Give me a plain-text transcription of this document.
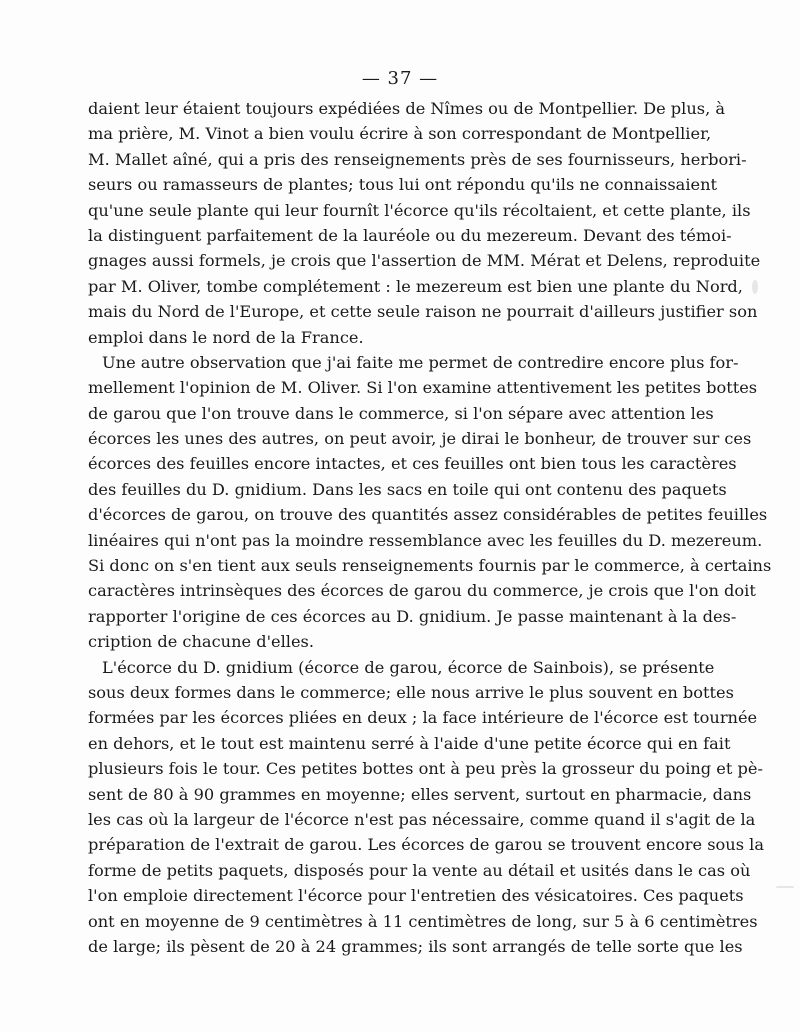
— 37 —
daient leur étaient toujours expédiées de Nîmes ou de Montpellier. De plus, à
ma prière, M. Vinot a bien voulu écrire à son correspondant de Montpellier,
M. Mallet aîné, qui a pris des renseignements près de ses fournisseurs, herbori-
seurs ou ramasseurs de plantes; tous lui ont répondu qu'ils ne connaissaient
qu'une seule plante qui leur fournît l'écorce qu'ils récoltaient, et cette plante, ils
la distinguent parfaitement de la lauréole ou du mezereum. Devant des témoi-
gnages aussi formels, je crois que l'assertion de MM. Mérat et Delens, reproduite
par M. Oliver, tombe complétement : le mezereum est bien une plante du Nord,
mais du Nord de l'Europe, et cette seule raison ne pourrait d'ailleurs justifier son
emploi dans le nord de la France.
Une autre observation que j'ai faite me permet de contredire encore plus for-
mellement l'opinion de M. Oliver. Si l'on examine attentivement les petites bottes
de garou que l'on trouve dans le commerce, si l'on sépare avec attention les
écorces les unes des autres, on peut avoir, je dirai le bonheur, de trouver sur ces
écorces des feuilles encore intactes, et ces feuilles ont bien tous les caractères
des feuilles du D. gnidium. Dans les sacs en toile qui ont contenu des paquets
d'écorces de garou, on trouve des quantités assez considérables de petites feuilles
linéaires qui n'ont pas la moindre ressemblance avec les feuilles du D. mezereum.
Si donc on s'en tient aux seuls renseignements fournis par le commerce, à certains
caractères intrinsèques des écorces de garou du commerce, je crois que l'on doit
rapporter l'origine de ces écorces au D. gnidium. Je passe maintenant à la des-
cription de chacune d'elles.
L'écorce du D. gnidium (écorce de garou, écorce de Sainbois), se présente
sous deux formes dans le commerce; elle nous arrive le plus souvent en bottes
formées par les écorces pliées en deux ; la face intérieure de l'écorce est tournée
en dehors, et le tout est maintenu serré à l'aide d'une petite écorce qui en fait
plusieurs fois le tour. Ces petites bottes ont à peu près la grosseur du poing et pè-
sent de 80 à 90 grammes en moyenne; elles servent, surtout en pharmacie, dans
les cas où la largeur de l'écorce n'est pas nécessaire, comme quand il s'agit de la
préparation de l'extrait de garou. Les écorces de garou se trouvent encore sous la
forme de petits paquets, disposés pour la vente au détail et usités dans le cas où
l'on emploie directement l'écorce pour l'entretien des vésicatoires. Ces paquets
ont en moyenne de 9 centimètres à 11 centimètres de long, sur 5 à 6 centimètres
de large; ils pèsent de 20 à 24 grammes; ils sont arrangés de telle sorte que les
